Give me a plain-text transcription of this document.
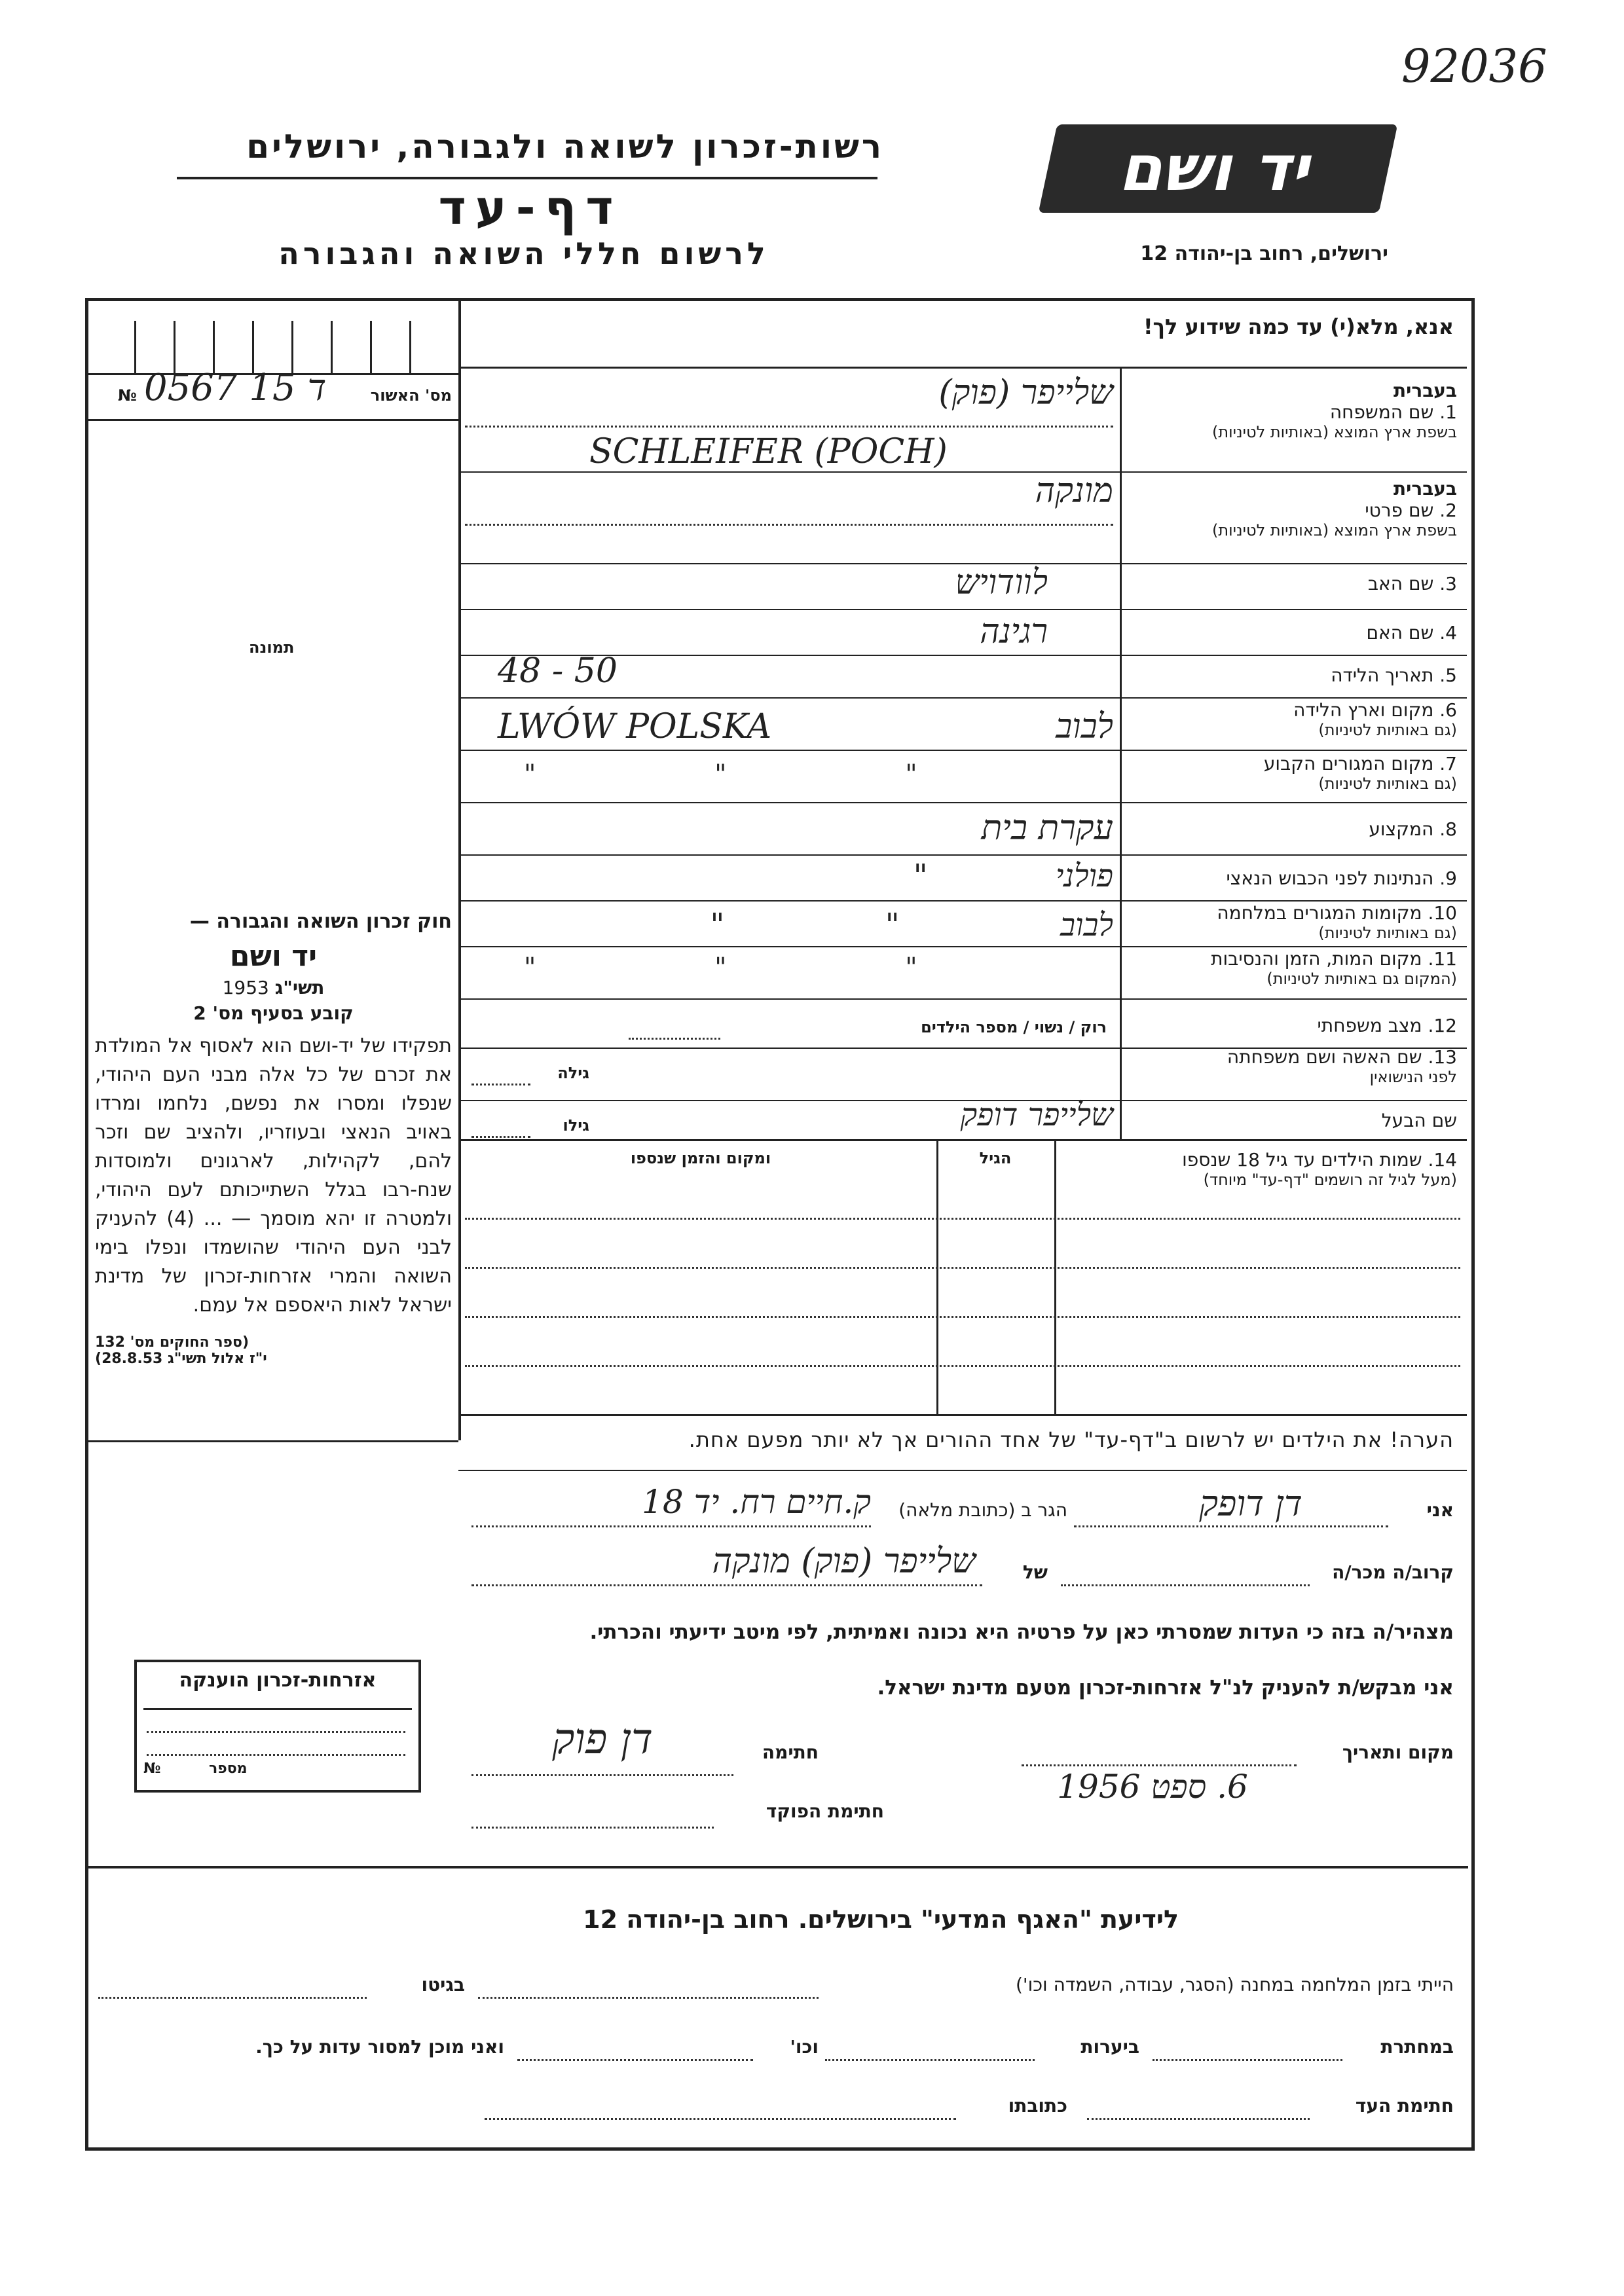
92036
רשות-זכרון לשואה ולגבורה, ירושלים
דף-עד
לרשום חללי השואה והגבורה
יד ושם
ירושלים, רחוב בן-יהודה 12
אנא, מלא(י) עד כמה שידוע לך!
№ 0567 ד 15	מס' האשור
תמונה
בעברית
1. שם המשפחה
בשפת ארץ המוצא (באותיות לטיניות)
שלייפר (פוק)
SCHLEIFER (POCH)
בעברית
2. שם פרטי
בשפת ארץ המוצא (באותיות לטיניות)
מונקה
3. שם האב
לוודויש
4. שם האם
רגינה
5. תאריך הלידה
48 - 50
6. מקום וארץ הלידה
(גם באותיות לטיניות)
לבוב
LWÓW POLSKA
7. מקום המגורים הקבוע
(גם באותיות לטיניות)
" " "
8. המקצוע
עקרת בית
9. הנתינות לפני הכבוש הנאצי
פולני "
10. מקומות המגורים במלחמה
(גם באותיות לטיניות)
לבוב " "
11. מקום המות, הזמן והנסיבות
(המקום גם באותיות לטיניות)
" " "
12. מצב משפחתי
רוק / נשוי / מספר הילדים
13. שם האשה ושם משפחתה
לפני הנישואין
גילה
שם הבעל
שלייפר דופק
גילו
14. שמות הילדים עד גיל 18 שנספו
(מעל לגיל זה רושמים "דף-עד" מיוחד)
הגיל
ומקום והזמן שנספו
חוק זכרון השואה והגבורה —
יד ושם
תשי"ג 1953
קובע בסעיף מס' 2
תפקידו של יד-ושם הוא לאסוף אל המולדת את זכרם של כל אלה מבני העם היהודי, שנפלו ומסרו את נפשם, נלחמו ומרדו באויב הנאצי ובעוזריו, ולהציב שם וזכר להם, לקהילות, לארגונים ולמוסדות שנח-רבו בגלל השתייכותם לעם היהודי, ולמטרה זו יהא מוסמך — ... (4) להעניק לבני העם היהודי שהושמדו ונפלו בימי השואה והמרי אזרחות-זכרון של מדינת ישראל לאות היאספם אל עמם.
(ספר החוקים מס' 132
י"ז אלול תשי"ג 28.8.53)
הערה! את הילדים יש לרשום ב"דף-עד" של אחד ההורים אך לא יותר מפעם אחת.
אני
דן דופק
הגר ב (כתובת מלאה)
ק.חיים רח. יד 18
קרוב/ה מכר/ה
של
שלייפר (פוק) מונקה
מצהיר/ה בזה כי העדות שמסרתי כאן על פרטיה היא נכונה ואמיתית, לפי מיטב ידיעתי והכרתי.
אני מבקש/ת להעניק לנ"ל אזרחות-זכרון מטעם מדינת ישראל.
מקום ותאריך
6. ספט 1956
חתימה
דן פוק
חתימת הפוקד
אזרחות-זכרון הוענקה
№	מספר
לידיעת "האגף המדעי" בירושלים. רחוב בן-יהודה 12
הייתי בזמן המלחמה במחנה (הסגר, עבודה, השמדה וכו')
בגיטו
במחתרת
ביערות
וכו'
ואני מוכן למסור עדות על כך.
חתימת העד
כתובתו
